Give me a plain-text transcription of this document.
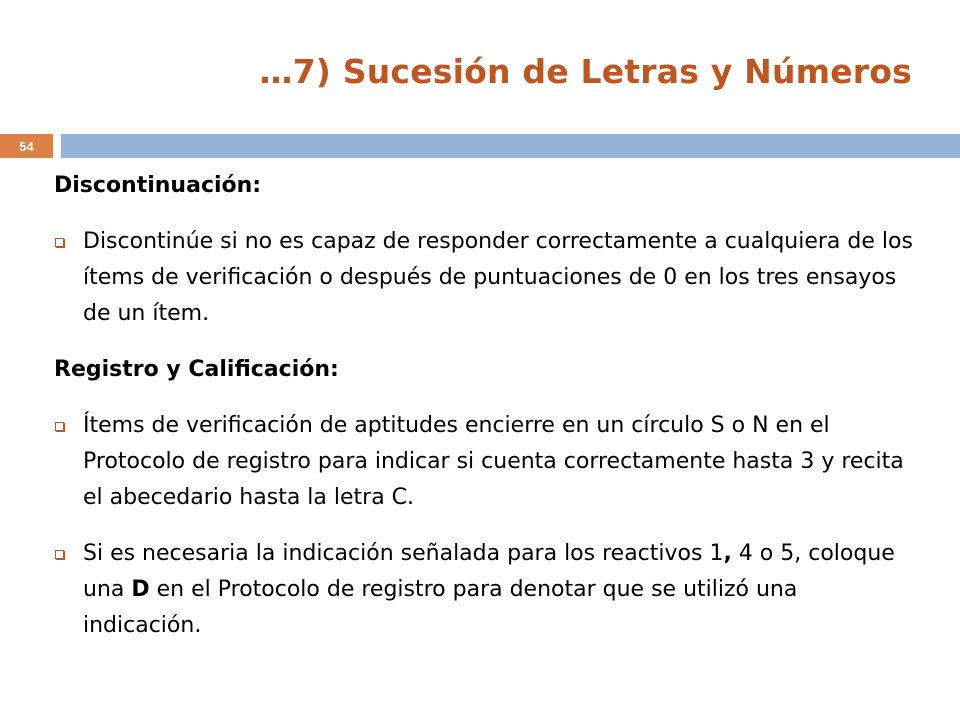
…7) Sucesión de Letras y Números
54
Discontinuación:
Discontinúe si no es capaz de responder correctamente a cualquiera de los ítems de verificación o después de puntuaciones de 0 en los tres ensayos de un ítem.
Registro y Calificación:
Ítems de verificación de aptitudes encierre en un círculo S o N en el Protocolo de registro para indicar si cuenta correctamente hasta 3 y recita el abecedario hasta la letra C.
Si es necesaria la indicación señalada para los reactivos 1, 4 o 5, coloque una D en el Protocolo de registro para denotar que se utilizó una indicación.
